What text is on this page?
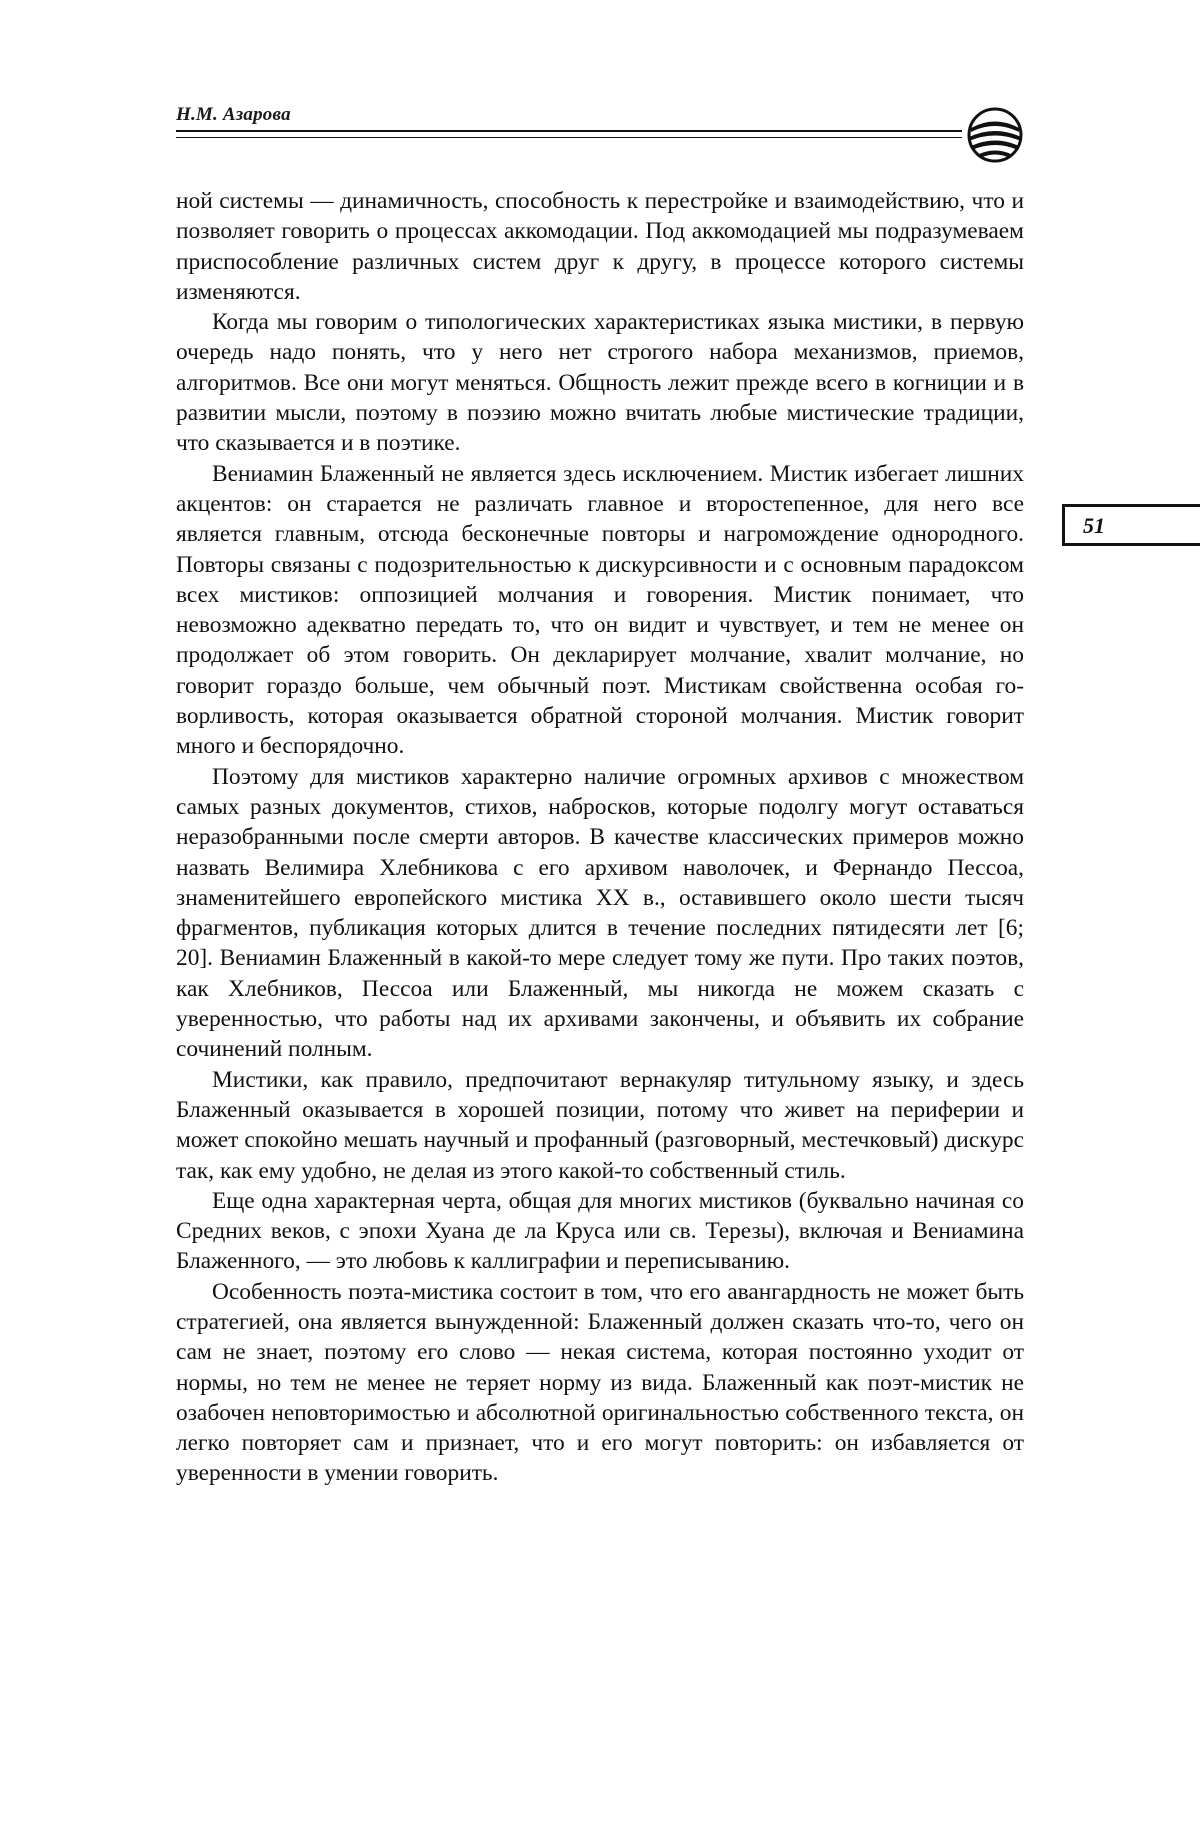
Н.М. Азарова
51

ной системы — динамичность, способность к перестройке и взаимодействию, что и позволяет говорить о процессах аккомодации. Под аккомодацией мы подразумеваем приспособление различных систем друг к другу, в процессе которого системы изменяются.

Когда мы говорим о типологических характеристиках языка мистики, в первую очередь надо понять, что у него нет строгого набора механизмов, приемов, алгоритмов. Все они могут меняться. Общность лежит прежде всего в когниции и в развитии мысли, поэтому в поэзию можно вчитать любые мистические традиции, что сказывается и в поэтике.

Вениамин Блаженный не является здесь исключением. Мистик избегает лишних акцентов: он старается не различать главное и второстепенное, для него все является главным, отсюда бесконечные повторы и нагромождение однородного. Повторы связаны с подозрительностью к дискурсивности и с основным парадоксом всех мистиков: оппозицией молчания и говорения. Мистик понимает, что невозможно адекватно передать то, что он видит и чувствует, и тем не менее он продолжает об этом говорить. Он декларирует молчание, хвалит молчание, но говорит гораздо больше, чем обычный поэт. Мистикам свойственна особая говорливость, которая оказывается обратной стороной молчания. Мистик говорит много и беспорядочно.

Поэтому для мистиков характерно наличие огромных архивов с множеством самых разных документов, стихов, набросков, которые подолгу могут оставаться неразобранными после смерти авторов. В качестве классических примеров можно назвать Велимира Хлебникова с его архивом наволочек, и Фернандо Пессоа, знаменитейшего европейского мистика XX в., оставившего около шести тысяч фрагментов, публикация которых длится в течение последних пятидесяти лет [6; 20]. Вениамин Блаженный в какой-то мере следует тому же пути. Про таких поэтов, как Хлебников, Пессоа или Блаженный, мы никогда не можем сказать с уверенностью, что работы над их архивами закончены, и объявить их собрание сочинений полным.

Мистики, как правило, предпочитают вернакуляр титульному языку, и здесь Блаженный оказывается в хорошей позиции, потому что живет на периферии и может спокойно мешать научный и профанный (разговорный, местечковый) дискурс так, как ему удобно, не делая из этого какой-то собственный стиль.

Еще одна характерная черта, общая для многих мистиков (буквально начиная со Средних веков, с эпохи Хуана де ла Круса или св. Терезы), включая и Вениамина Блаженного, — это любовь к каллиграфии и переписыванию.

Особенность поэта-мистика состоит в том, что его авангардность не может быть стратегией, она является вынужденной: Блаженный должен сказать что-то, чего он сам не знает, поэтому его слово — некая система, которая постоянно уходит от нормы, но тем не менее не теряет норму из вида. Блаженный как поэт-мистик не озабочен неповторимостью и абсолютной оригинальностью собственного текста, он легко повторяет сам и признает, что и его могут повторить: он избавляется от уверенности в умении говорить.
